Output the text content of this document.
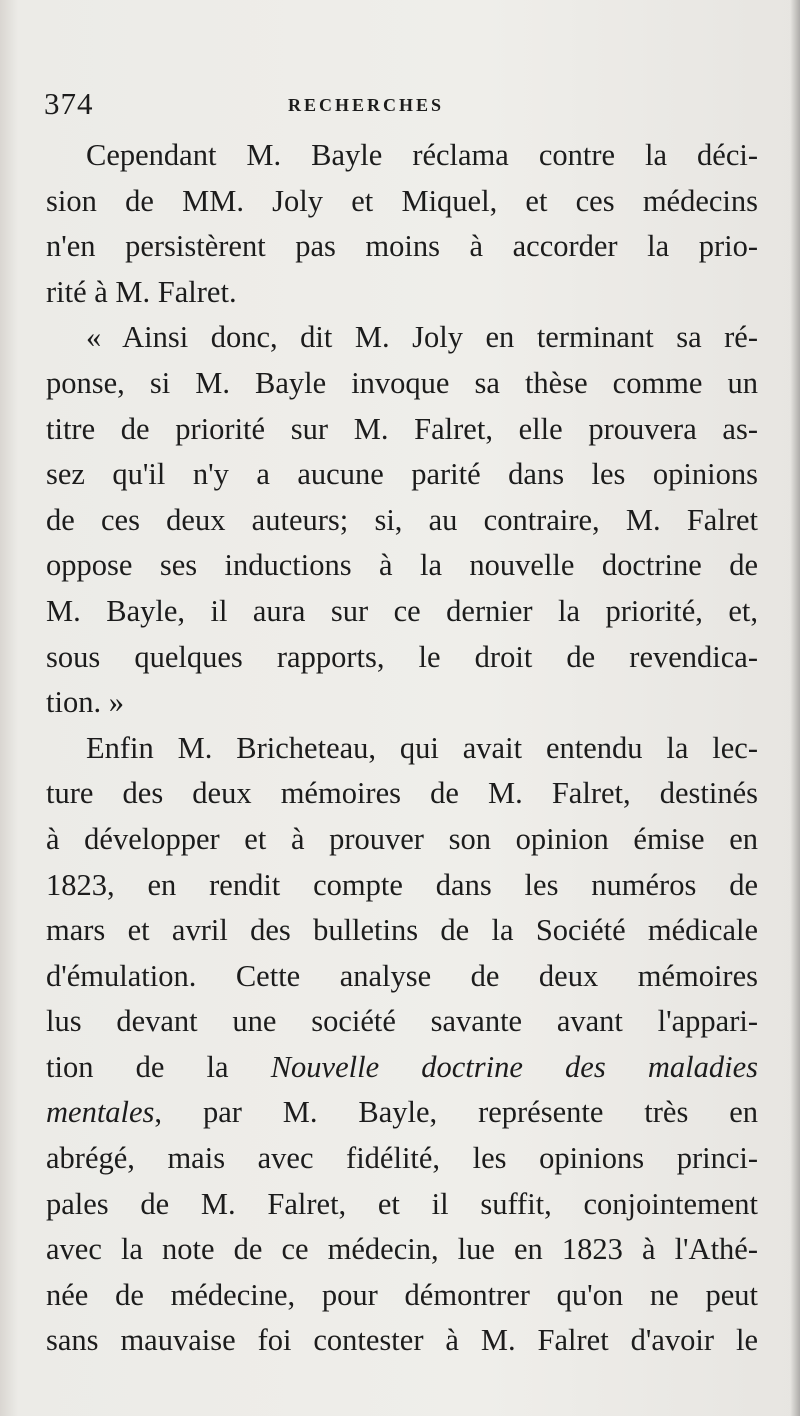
374	RECHERCHES
Cependant M. Bayle réclama contre la déci-
sion de MM. Joly et Miquel, et ces médecins
n'en persistèrent pas moins à accorder la prio-
rité à M. Falret.
« Ainsi donc, dit M. Joly en terminant sa ré-
ponse, si M. Bayle invoque sa thèse comme un
titre de priorité sur M. Falret, elle prouvera as-
sez qu'il n'y a aucune parité dans les opinions
de ces deux auteurs; si, au contraire, M. Falret
oppose ses inductions à la nouvelle doctrine de
M. Bayle, il aura sur ce dernier la priorité, et,
sous quelques rapports, le droit de revendica-
tion. »
Enfin M. Bricheteau, qui avait entendu la lec-
ture des deux mémoires de M. Falret, destinés
à développer et à prouver son opinion émise en
1823, en rendit compte dans les numéros de
mars et avril des bulletins de la Société médicale
d'émulation. Cette analyse de deux mémoires
lus devant une société savante avant l'appari-
tion de la Nouvelle doctrine des maladies
mentales, par M. Bayle, représente très en
abrégé, mais avec fidélité, les opinions princi-
pales de M. Falret, et il suffit, conjointement
avec la note de ce médecin, lue en 1823 à l'Athé-
née de médecine, pour démontrer qu'on ne peut
sans mauvaise foi contester à M. Falret d'avoir le
